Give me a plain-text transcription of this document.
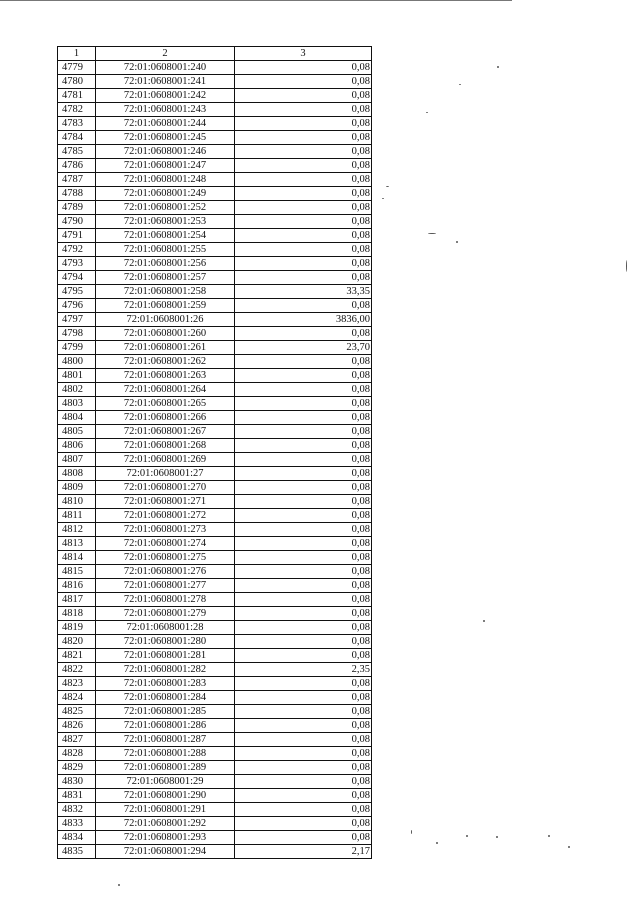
1	2	3
4779	72:01:0608001:240	0,08
4780	72:01:0608001:241	0,08
4781	72:01:0608001:242	0,08
4782	72:01:0608001:243	0,08
4783	72:01:0608001:244	0,08
4784	72:01:0608001:245	0,08
4785	72:01:0608001:246	0,08
4786	72:01:0608001:247	0,08
4787	72:01:0608001:248	0,08
4788	72:01:0608001:249	0,08
4789	72:01:0608001:252	0,08
4790	72:01:0608001:253	0,08
4791	72:01:0608001:254	0,08
4792	72:01:0608001:255	0,08
4793	72:01:0608001:256	0,08
4794	72:01:0608001:257	0,08
4795	72:01:0608001:258	33,35
4796	72:01:0608001:259	0,08
4797	72:01:0608001:26	3836,00
4798	72:01:0608001:260	0,08
4799	72:01:0608001:261	23,70
4800	72:01:0608001:262	0,08
4801	72:01:0608001:263	0,08
4802	72:01:0608001:264	0,08
4803	72:01:0608001:265	0,08
4804	72:01:0608001:266	0,08
4805	72:01:0608001:267	0,08
4806	72:01:0608001:268	0,08
4807	72:01:0608001:269	0,08
4808	72:01:0608001:27	0,08
4809	72:01:0608001:270	0,08
4810	72:01:0608001:271	0,08
4811	72:01:0608001:272	0,08
4812	72:01:0608001:273	0,08
4813	72:01:0608001:274	0,08
4814	72:01:0608001:275	0,08
4815	72:01:0608001:276	0,08
4816	72:01:0608001:277	0,08
4817	72:01:0608001:278	0,08
4818	72:01:0608001:279	0,08
4819	72:01:0608001:28	0,08
4820	72:01:0608001:280	0,08
4821	72:01:0608001:281	0,08
4822	72:01:0608001:282	2,35
4823	72:01:0608001:283	0,08
4824	72:01:0608001:284	0,08
4825	72:01:0608001:285	0,08
4826	72:01:0608001:286	0,08
4827	72:01:0608001:287	0,08
4828	72:01:0608001:288	0,08
4829	72:01:0608001:289	0,08
4830	72:01:0608001:29	0,08
4831	72:01:0608001:290	0,08
4832	72:01:0608001:291	0,08
4833	72:01:0608001:292	0,08
4834	72:01:0608001:293	0,08
4835	72:01:0608001:294	2,17
